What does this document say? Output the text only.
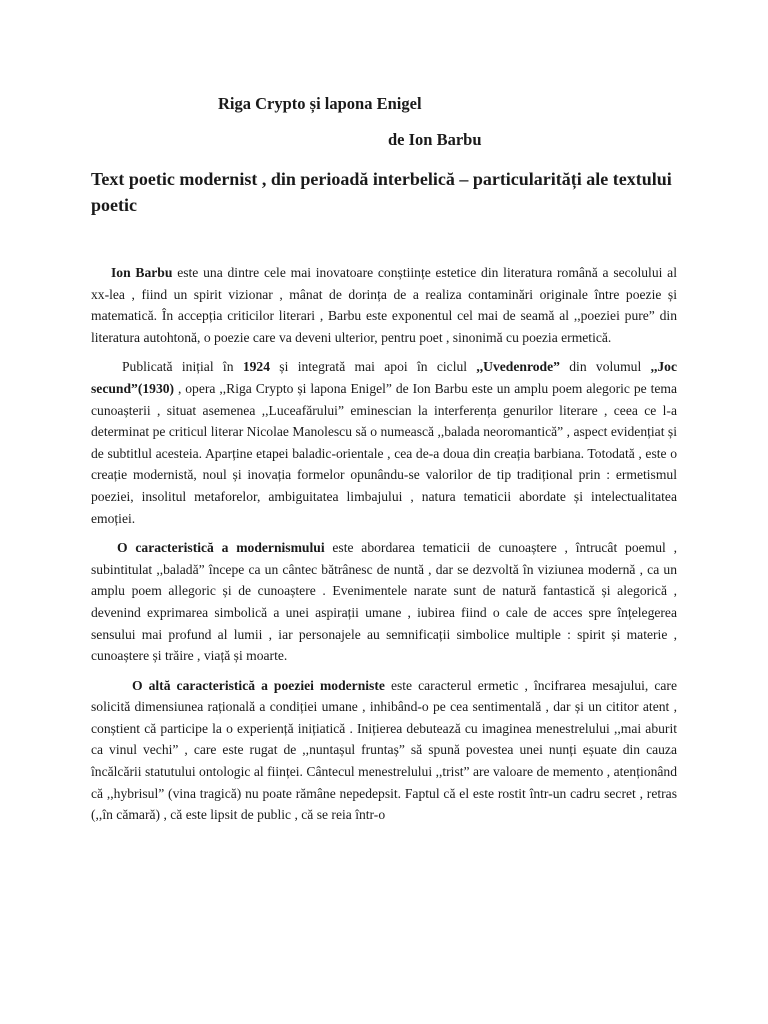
Riga Crypto și lapona Enigel
de Ion Barbu
Text poetic modernist , din perioadă interbelică – particularități ale textului poetic

Ion Barbu este una dintre cele mai inovatoare conștiințe estetice din literatura română a secolului al xx-lea , fiind un spirit vizionar , mânat de dorința de a realiza contaminări originale între poezie și matematică. În accepția criticilor literari , Barbu este exponentul cel mai de seamă al ,,poeziei pure” din literatura autohtonă, o poezie care va deveni ulterior, pentru poet , sinonimă cu poezia ermetică.

Publicată inițial în 1924 și integrată mai apoi în ciclul ,,Uvedenrode” din volumul ,,Joc secund”(1930) , opera ,,Riga Crypto și lapona Enigel” de Ion Barbu este un amplu poem alegoric pe tema cunoașterii , situat asemenea ,,Luceafărului” eminescian la interferența genurilor literare , ceea ce l-a determinat pe criticul literar Nicolae Manolescu să o numească ,,balada neoromantică” , aspect evidențiat și de subtitlul acesteia. Aparține etapei baladic-orientale , cea de-a doua din creația barbiana. Totodată , este o creație modernistă, noul și inovația formelor opunându-se valorilor de tip tradițional prin : ermetismul poeziei, insolitul metaforelor, ambiguitatea limbajului , natura tematicii abordate și intelectualitatea emoției.

O caracteristică a modernismului este abordarea tematicii de cunoaștere , întrucât poemul , subintitulat ,,baladă” începe ca un cântec bătrânesc de nuntă , dar se dezvoltă în viziunea modernă , ca un amplu poem allegoric și de cunoaștere . Evenimentele narate sunt de natură fantastică și alegorică , devenind exprimarea simbolică a unei aspirații umane , iubirea fiind o cale de acces spre înțelegerea sensului mai profund al lumii , iar personajele au semnificații simbolice multiple : spirit și materie , cunoaștere și trăire , viață și moarte.

O altă caracteristică a poeziei moderniste este caracterul ermetic , încifrarea mesajului, care solicită dimensiunea rațională a condiției umane , inhibând-o pe cea sentimentală , dar și un cititor atent , conștient că participe la o experiență inițiatică . Inițierea debutează cu imaginea menestrelului ,,mai aburit ca vinul vechi” , care este rugat de ,,nuntașul fruntaș” să spună povestea unei nunți eșuate din cauza încălcării statutului ontologic al ființei. Cântecul menestrelului ,,trist” are valoare de memento , atenționând că ,,hybrisul” (vina tragică) nu poate rămâne nepedepsit. Faptul că el este rostit într-un cadru secret , retras (,,în cămară) , că este lipsit de public , că se reia într-o
